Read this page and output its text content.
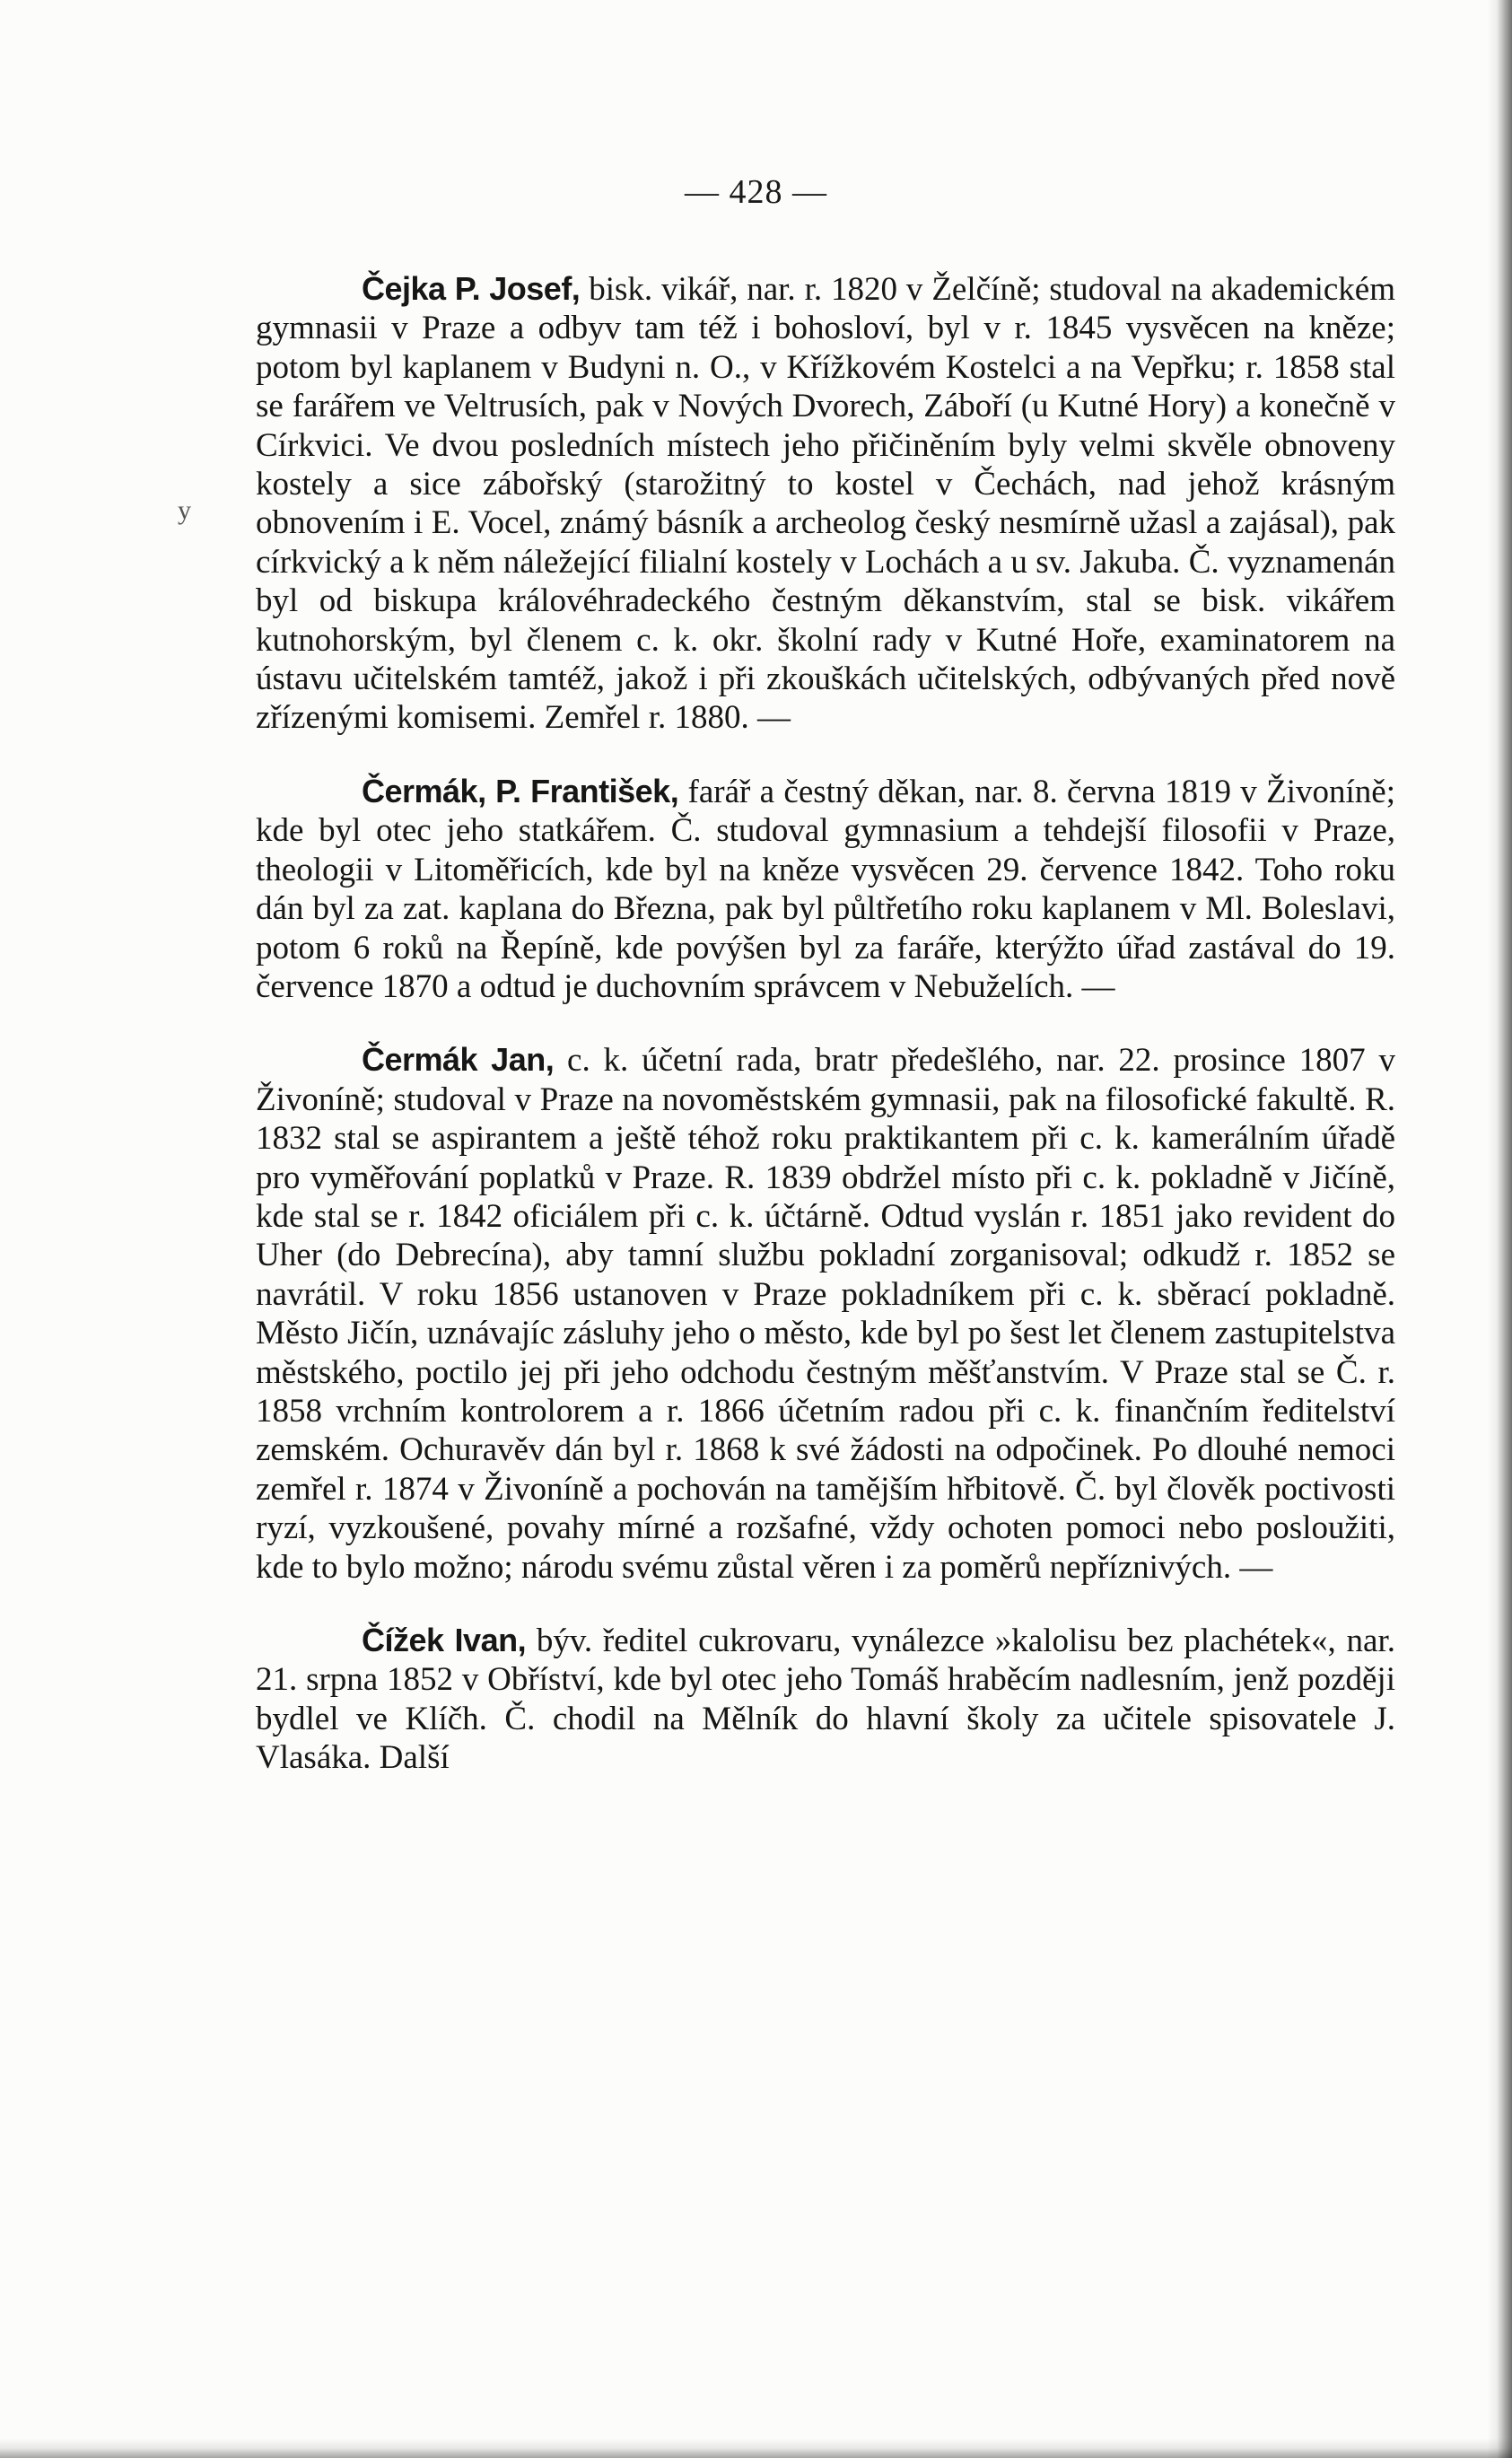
— 428 —
y

Čejka P. Josef, bisk. vikář, nar. r. 1820 v Želčíně; studoval na akademickém gymnasii v Praze a odbyv tam též i bohosloví, byl v r. 1845 vysvěcen na kněze; potom byl kaplanem v Budyni n. O., v Křížkovém Kostelci a na Vepřku; r. 1858 stal se farářem ve Veltrusích, pak v Nových Dvorech, Záboří (u Kutné Hory) a konečně v Církvici. Ve dvou posledních místech jeho přičiněním byly velmi skvěle obnoveny kostely a sice zábořský (starožitný to kostel v Čechách, nad jehož krásným obnovením i E. Vocel, známý básník a archeolog český nesmírně užasl a zajásal), pak církvický a k něm náležející filialní kostely v Lochách a u sv. Jakuba. Č. vyznamenán byl od biskupa královéhradeckého čestným děkanstvím, stal se bisk. vikářem kutnohorským, byl členem c. k. okr. školní rady v Kutné Hoře, examinatorem na ústavu učitelském tamtéž, jakož i při zkouškách učitelských, odbývaných před nově zřízenými komisemi. Zemřel r. 1880. —

Čermák, P. František, farář a čestný děkan, nar. 8. června 1819 v Živoníně; kde byl otec jeho statkářem. Č. studoval gymnasium a tehdejší filosofii v Praze, theologii v Litoměřicích, kde byl na kněze vysvěcen 29. července 1842. Toho roku dán byl za zat. kaplana do Března, pak byl půltřetího roku kaplanem v Ml. Boleslavi, potom 6 roků na Řepíně, kde povýšen byl za faráře, kterýžto úřad zastával do 19. července 1870 a odtud je duchovním správcem v Nebuželích. —

Čermák Jan, c. k. účetní rada, bratr předešlého, nar. 22. prosince 1807 v Živoníně; studoval v Praze na novoměstském gymnasii, pak na filosofické fakultě. R. 1832 stal se aspirantem a ještě téhož roku praktikantem při c. k. kamerálním úřadě pro vyměřování poplatků v Praze. R. 1839 obdržel místo při c. k. pokladně v Jičíně, kde stal se r. 1842 oficiálem při c. k. účtárně. Odtud vyslán r. 1851 jako revident do Uher (do Debrecína), aby tamní službu pokladní zorganisoval; odkudž r. 1852 se navrátil. V roku 1856 ustanoven v Praze pokladníkem při c. k. sběrací pokladně. Město Jičín, uznávajíc zásluhy jeho o město, kde byl po šest let členem zastupitelstva městského, poctilo jej při jeho odchodu čestným měšťanstvím. V Praze stal se Č. r. 1858 vrchním kontrolorem a r. 1866 účetním radou při c. k. finančním ředitelství zemském. Ochuravěv dán byl r. 1868 k své žádosti na odpočinek. Po dlouhé nemoci zemřel r. 1874 v Živoníně a pochován na tamějším hřbitově. Č. byl člověk poctivosti ryzí, vyzkoušené, povahy mírné a rozšafné, vždy ochoten pomoci nebo posloužiti, kde to bylo možno; národu svému zůstal věren i za poměrů nepříznivých. —

Čížek Ivan, býv. ředitel cukrovaru, vynálezce »kalolisu bez plachétek«, nar. 21. srpna 1852 v Obříství, kde byl otec jeho Tomáš hraběcím nadlesním, jenž později bydlel ve Klíčh. Č. chodil na Mělník do hlavní školy za učitele spisovatele J. Vlasáka. Další
